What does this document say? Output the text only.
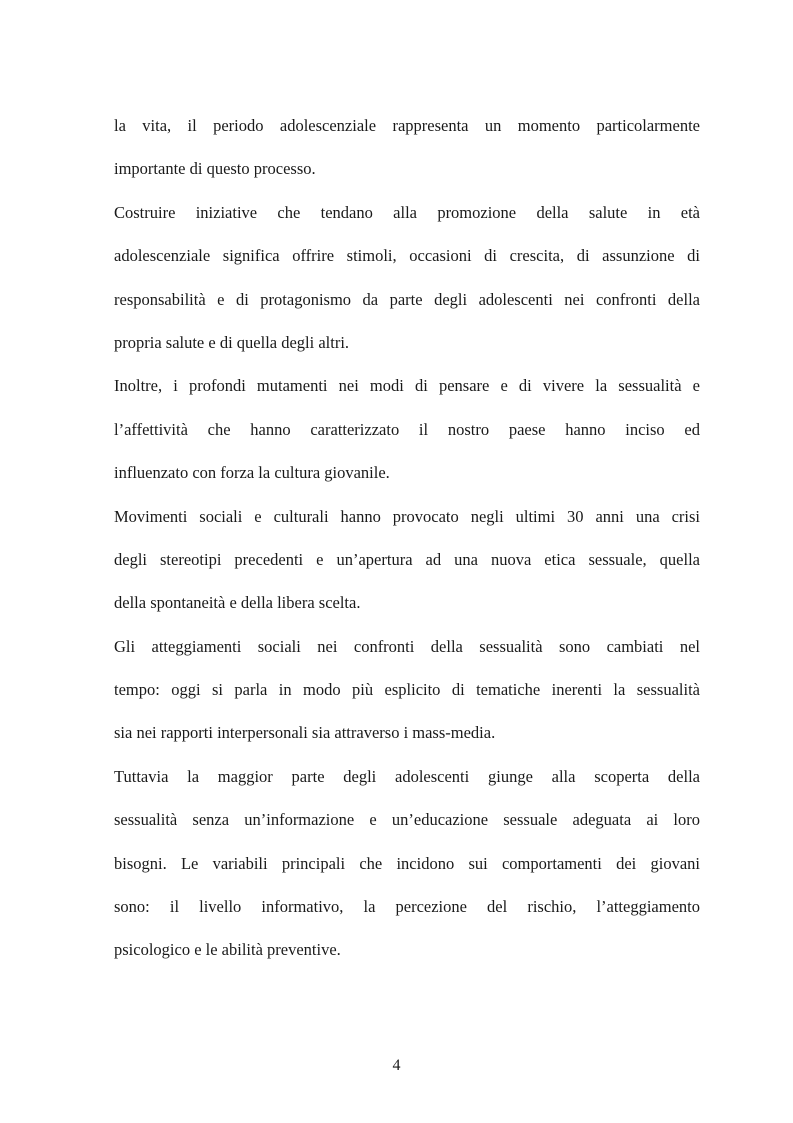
la vita, il periodo adolescenziale rappresenta un momento particolarmente
importante di questo processo.
Costruire iniziative che tendano alla promozione della salute in età
adolescenziale significa offrire stimoli, occasioni di crescita, di assunzione di
responsabilità e di protagonismo da parte degli adolescenti nei confronti della
propria salute e di quella degli altri.
Inoltre, i profondi mutamenti nei modi di pensare e di vivere la sessualità e
l’affettività che hanno caratterizzato il nostro paese hanno inciso ed
influenzato con forza la cultura giovanile.
Movimenti sociali e culturali hanno provocato negli ultimi 30 anni una crisi
degli stereotipi precedenti e un’apertura ad una nuova etica sessuale, quella
della spontaneità e della libera scelta.
Gli atteggiamenti sociali nei confronti della sessualità sono cambiati nel
tempo: oggi si parla in modo più esplicito di tematiche inerenti la sessualità
sia nei rapporti interpersonali sia attraverso i mass-media.
Tuttavia la maggior parte degli adolescenti giunge alla scoperta della
sessualità senza un’informazione e un’educazione sessuale adeguata ai loro
bisogni. Le variabili principali che incidono sui comportamenti dei giovani
sono: il livello informativo, la percezione del rischio, l’atteggiamento
psicologico e le abilità preventive.
4
